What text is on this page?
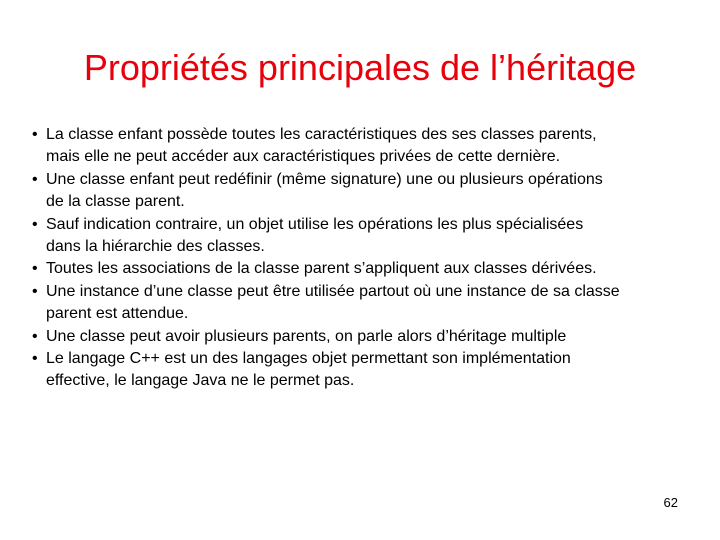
Propriétés principales de l’héritage
• La classe enfant possède toutes les caractéristiques des ses classes parents,
mais elle ne peut accéder aux caractéristiques privées de cette dernière.
• Une classe enfant peut redéfinir (même signature) une ou plusieurs opérations
de la classe parent.
• Sauf indication contraire, un objet utilise les opérations les plus spécialisées
dans la hiérarchie des classes.
• Toutes les associations de la classe parent s’appliquent aux classes dérivées.
• Une instance d’une classe peut être utilisée partout où une instance de sa classe
parent est attendue.
• Une classe peut avoir plusieurs parents, on parle alors d’héritage multiple
• Le langage C++ est un des langages objet permettant son implémentation
effective, le langage Java ne le permet pas.
62
